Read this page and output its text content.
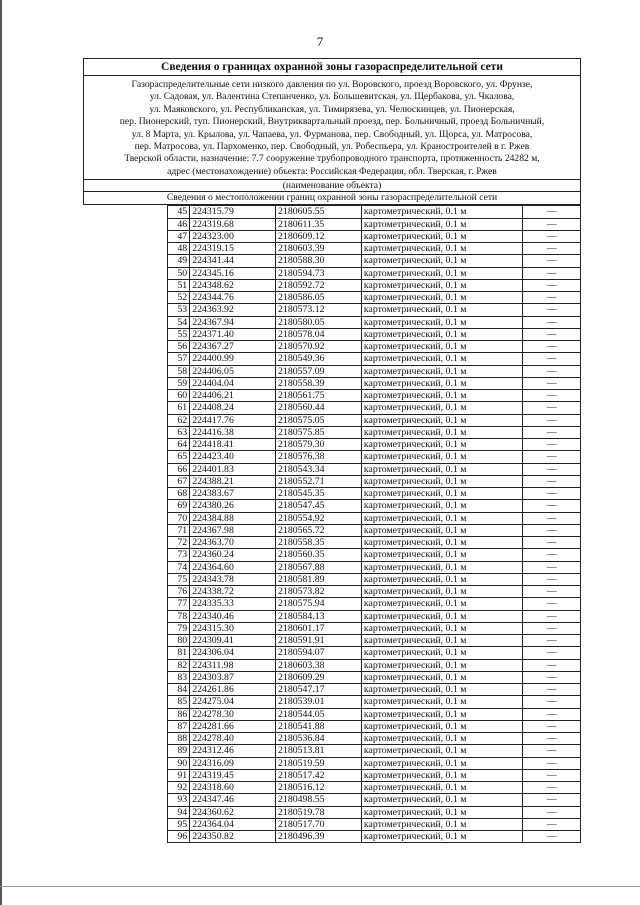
7
Сведения о границах охранной зоны газораспределительной сети
Газораспределительные сети низкого давления по ул. Воровского, проезд Воровского, ул. Фрунзе,
ул. Садовая, ул. Валентина Степанченко, ул. Большевитская, ул. Щербакова, ул. Чкалова,
ул. Маяковского, ул. Республиканская, ул. Тимирязева, ул. Челюскинцев, ул. Пионерская,
пер. Пионерский, туп. Пионерский, Внутриквартальный проезд, пер. Больничный, проезд Больничный,
ул. 8 Марта, ул. Крылова, ул. Чапаева, ул. Фурманова, пер. Свободный, ул. Щорса, ул. Матросова,
пер. Матросова, ул. Пархоменко, пер. Свободный, ул. Робеспьера, ул. Кранoстроителей в г. Ржев
Тверской области, назначение: 7.7 сооружение трубопроводного транспорта, протяженность 24282 м,
адрес (местонахождение) объекта: Российская Федерация, обл. Тверская, г. Ржев
(наименование объекта)
Сведения о местоположении границ охранной зоны газораспределительной сети
45	224315.79	2180605.55	картометрический, 0.1 м	—
46	224319.68	2180611.35	картометрический, 0.1 м	—
47	224323.00	2180609.12	картометрический, 0.1 м	—
48	224319.15	2180603.39	картометрический, 0.1 м	—
49	224341.44	2180588.30	картометрический, 0.1 м	—
50	224345.16	2180594.73	картометрический, 0.1 м	—
51	224348.62	2180592.72	картометрический, 0.1 м	—
52	224344.76	2180586.05	картометрический, 0.1 м	—
53	224363.92	2180573.12	картометрический, 0.1 м	—
54	224367.94	2180580.05	картометрический, 0.1 м	—
55	224371.40	2180578.04	картометрический, 0.1 м	—
56	224367.27	2180570.92	картометрический, 0.1 м	—
57	224400.99	2180549.36	картометрический, 0.1 м	—
58	224406.05	2180557.09	картометрический, 0.1 м	—
59	224404.04	2180558.39	картометрический, 0.1 м	—
60	224406.21	2180561.75	картометрический, 0.1 м	—
61	224408.24	2180560.44	картометрический, 0.1 м	—
62	224417.76	2180575.05	картометрический, 0.1 м	—
63	224416.38	2180575.85	картометрический, 0.1 м	—
64	224418.41	2180579.30	картометрический, 0.1 м	—
65	224423.40	2180576.38	картометрический, 0.1 м	—
66	224401.83	2180543.34	картометрический, 0.1 м	—
67	224388.21	2180552.71	картометрический, 0.1 м	—
68	224383.67	2180545.35	картометрический, 0.1 м	—
69	224380.26	2180547.45	картометрический, 0.1 м	—
70	224384.88	2180554.92	картометрический, 0.1 м	—
71	224367.98	2180565.72	картометрический, 0.1 м	—
72	224363.70	2180558.35	картометрический, 0.1 м	—
73	224360.24	2180560.35	картометрический, 0.1 м	—
74	224364.60	2180567.88	картометрический, 0.1 м	—
75	224343.78	2180581.89	картометрический, 0.1 м	—
76	224338.72	2180573.82	картометрический, 0.1 м	—
77	224335.33	2180575.94	картометрический, 0.1 м	—
78	224340.46	2180584.13	картометрический, 0.1 м	—
79	224315.30	2180601.17	картометрический, 0.1 м	—
80	224309.41	2180591.91	картометрический, 0.1 м	—
81	224306.04	2180594.07	картометрический, 0.1 м	—
82	224311.98	2180603.38	картометрический, 0.1 м	—
83	224303.87	2180609.29	картометрический, 0.1 м	—
84	224261.86	2180547.17	картометрический, 0.1 м	—
85	224275.04	2180539.01	картометрический, 0.1 м	—
86	224278.30	2180544.05	картометрический, 0.1 м	—
87	224281.66	2180541.88	картометрический, 0.1 м	—
88	224278.40	2180536.84	картометрический, 0.1 м	—
89	224312.46	2180513.81	картометрический, 0.1 м	—
90	224316.09	2180519.59	картометрический, 0.1 м	—
91	224319.45	2180517.42	картометрический, 0.1 м	—
92	224318.60	2180516.12	картометрический, 0.1 м	—
93	224347.46	2180498.55	картометрический, 0.1 м	—
94	224360.62	2180519.78	картометрический, 0.1 м	—
95	224364.04	2180517.70	картометрический, 0.1 м	—
96	224350.82	2180496.39	картометрический, 0.1 м	—
